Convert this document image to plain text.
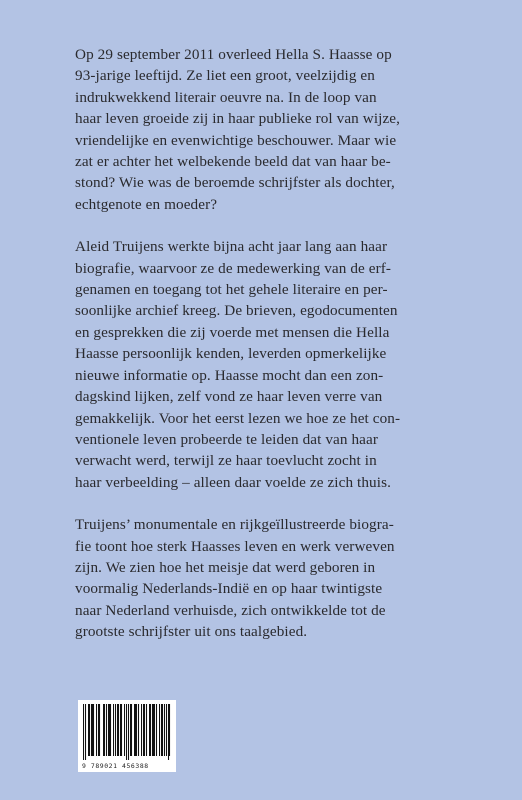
Op 29 september 2011 overleed Hella S. Haasse op
93-jarige leeftijd. Ze liet een groot, veelzijdig en
indrukwekkend literair oeuvre na. In de loop van
haar leven groeide zij in haar publieke rol van wijze,
vriendelijke en evenwichtige beschouwer. Maar wie
zat er achter het welbekende beeld dat van haar be-
stond? Wie was de beroemde schrijfster als dochter,
echtgenote en moeder?
Aleid Truijens werkte bijna acht jaar lang aan haar
biografie, waarvoor ze de medewerking van de erf-
genamen en toegang tot het gehele literaire en per-
soonlijke archief kreeg. De brieven, egodocumenten
en gesprekken die zij voerde met mensen die Hella
Haasse persoonlijk kenden, leverden opmerkelijke
nieuwe informatie op. Haasse mocht dan een zon-
dagskind lijken, zelf vond ze haar leven verre van
gemakkelijk. Voor het eerst lezen we hoe ze het con-
ventionele leven probeerde te leiden dat van haar
verwacht werd, terwijl ze haar toevlucht zocht in
haar verbeelding – alleen daar voelde ze zich thuis.
Truijens’ monumentale en rijkgeïllustreerde biogra-
fie toont hoe sterk Haasses leven en werk verweven
zijn. We zien hoe het meisje dat werd geboren in
voormalig Nederlands-Indië en op haar twintigste
naar Nederland verhuisde, zich ontwikkelde tot de
grootste schrijfster uit ons taalgebied.
9 789021 456388
